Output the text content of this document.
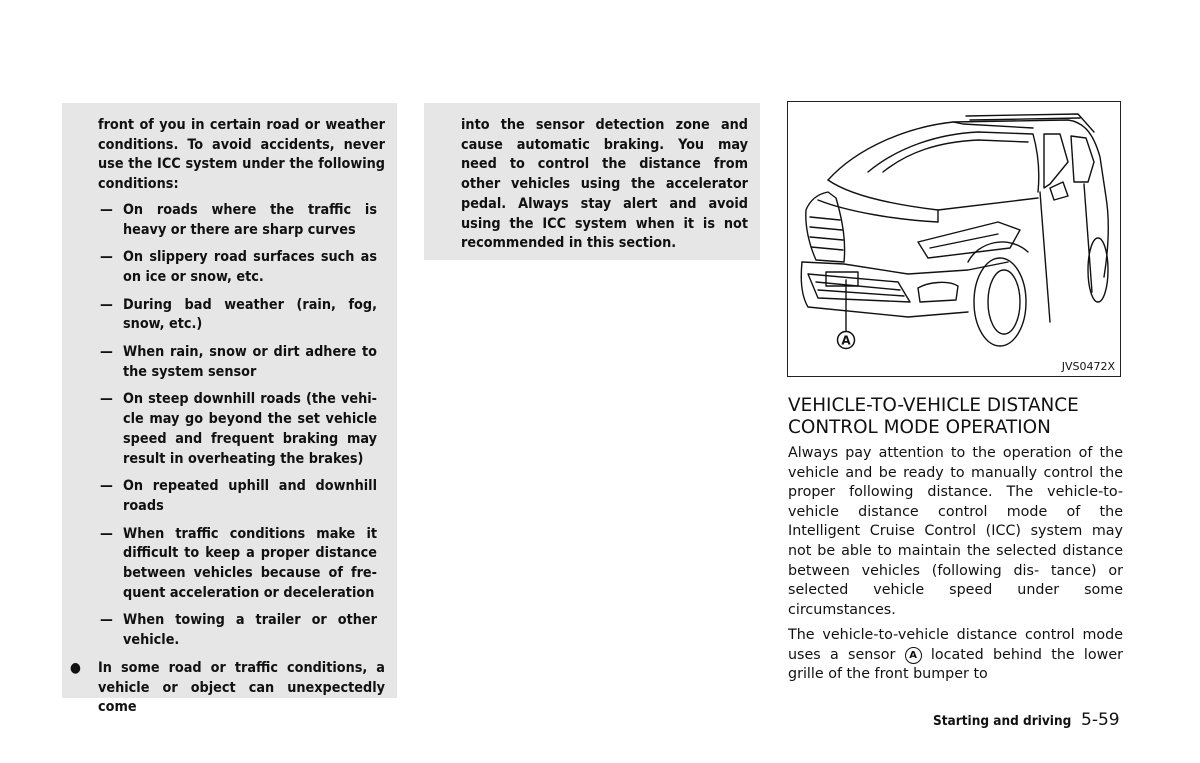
front of you in certain road or weather conditions. To avoid accidents, never use the ICC system under the following conditions:

— On roads where the traffic is heavy or there are sharp curves
— On slippery road surfaces such as on ice or snow, etc.
— During bad weather (rain, fog, snow, etc.)
— When rain, snow or dirt adhere to the system sensor
— On steep downhill roads (the vehi- cle may go beyond the set vehicle speed and frequent braking may result in overheating the brakes)
— On repeated uphill and downhill roads
— When traffic conditions make it difficult to keep a proper distance between vehicles because of fre- quent acceleration or deceleration
— When towing a trailer or other vehicle.
● In some road or traffic conditions, a vehicle or object can unexpectedly come

into the sensor detection zone and cause automatic braking. You may need to control the distance from other vehicles using the accelerator pedal. Always stay alert and avoid using the ICC system when it is not recommended in this section.

A
JVS0472X
VEHICLE-TO-VEHICLE DISTANCE
CONTROL MODE OPERATION

Always pay attention to the operation of the vehicle and be ready to manually control the proper following distance. The vehicle-to-vehicle distance control mode of the Intelligent Cruise Control (ICC) system may not be able to maintain the selected distance between vehicles (following dis- tance) or selected vehicle speed under some circumstances.

The vehicle-to-vehicle distance control mode uses a sensor A located behind the lower grille of the front bumper to

Starting and driving 5-59
